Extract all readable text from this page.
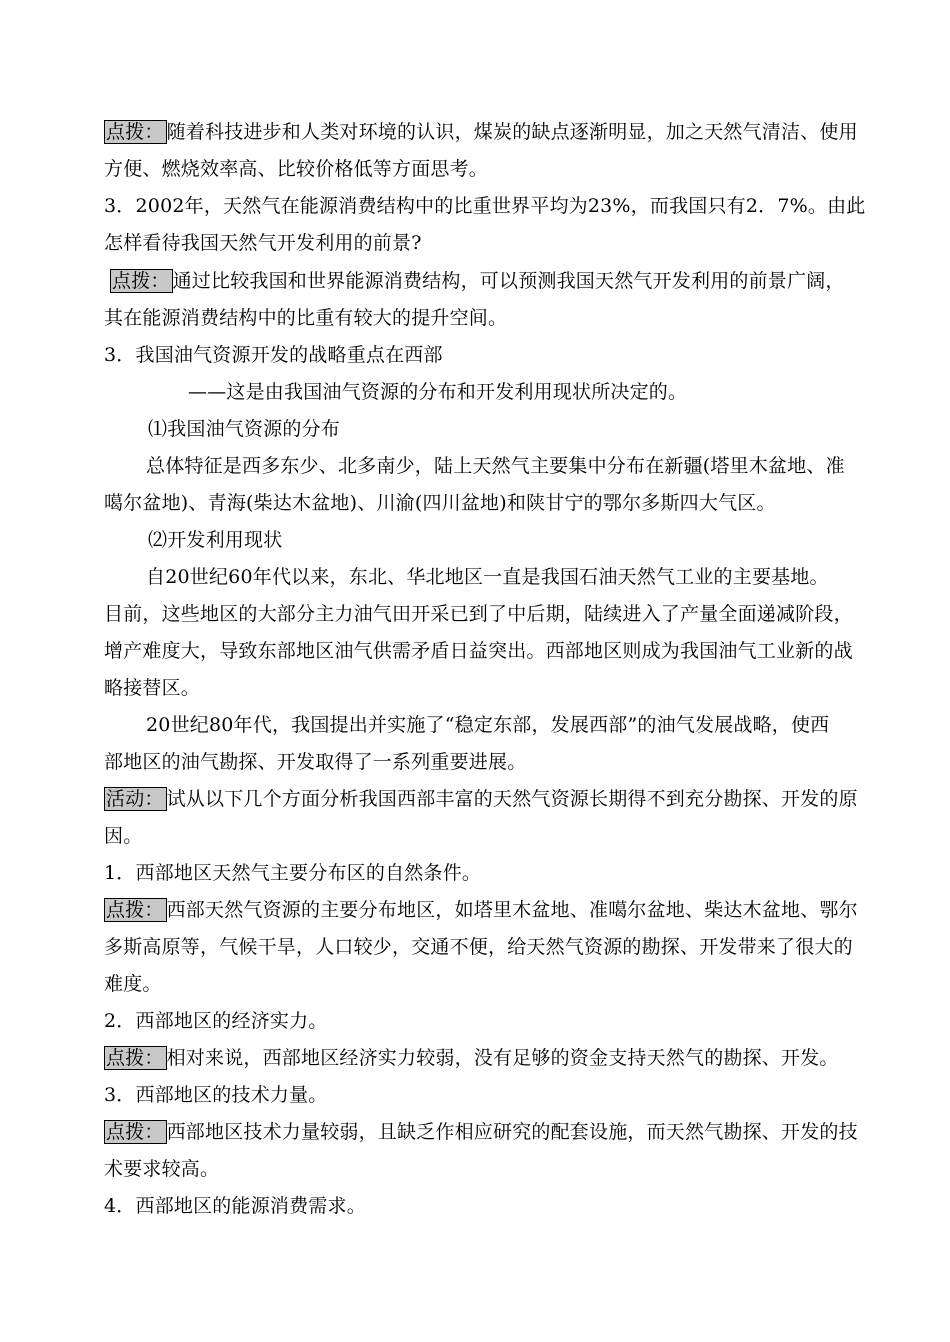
点拨： 随着科技进步和人类对环境的认识，煤炭的缺点逐渐明显，加之天然气清洁、使用
方便、燃烧效率高、比较价格低等方面思考。
3．2002年，天然气在能源消费结构中的比重世界平均为23%，而我国只有2．7%。由此
怎样看待我国天然气开发利用的前景?
点拨： 通过比较我国和世界能源消费结构，可以预测我国天然气开发利用的前景广阔，
其在能源消费结构中的比重有较大的提升空间。
3．我国油气资源开发的战略重点在西部
——这是由我国油气资源的分布和开发利用现状所决定的。
⑴我国油气资源的分布
总体特征是西多东少、北多南少，陆上天然气主要集中分布在新疆(塔里木盆地、准
噶尔盆地)、青海(柴达木盆地)、川渝(四川盆地)和陕甘宁的鄂尔多斯四大气区。
⑵开发利用现状
自20世纪60年代以来，东北、华北地区一直是我国石油天然气工业的主要基地。
目前，这些地区的大部分主力油气田开采已到了中后期，陆续进入了产量全面递减阶段，
增产难度大，导致东部地区油气供需矛盾日益突出。西部地区则成为我国油气工业新的战
略接替区。
20世纪80年代，我国提出并实施了“稳定东部，发展西部”的油气发展战略，使西
部地区的油气勘探、开发取得了一系列重要进展。
活动： 试从以下几个方面分析我国西部丰富的天然气资源长期得不到充分勘探、开发的原
因。
1．西部地区天然气主要分布区的自然条件。
点拨： 西部天然气资源的主要分布地区，如塔里木盆地、准噶尔盆地、柴达木盆地、鄂尔
多斯高原等，气候干旱，人口较少，交通不便，给天然气资源的勘探、开发带来了很大的
难度。
2．西部地区的经济实力。
点拨： 相对来说，西部地区经济实力较弱，没有足够的资金支持天然气的勘探、开发。
3．西部地区的技术力量。
点拨： 西部地区技术力量较弱，且缺乏作相应研究的配套设施，而天然气勘探、开发的技
术要求较高。
4．西部地区的能源消费需求。
